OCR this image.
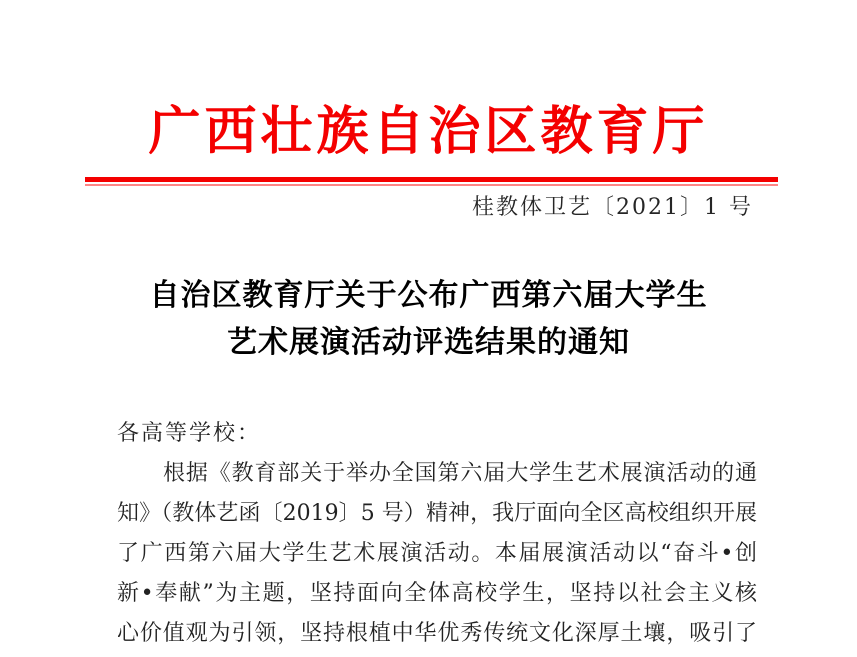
广西壮族自治区教育厅
桂教体卫艺〔2021〕1 号
自治区教育厅关于公布广西第六届大学生
艺术展演活动评选结果的通知
各高等学校：
根据《教育部关于举办全国第六届大学生艺术展演活动的通
知》（教体艺函〔2019〕5 号）精神，我厅面向全区高校组织开展
了广西第六届大学生艺术展演活动。本届展演活动以“奋斗•创
新•奉献”为主题，坚持面向全体高校学生，坚持以社会主义核
心价值观为引领，坚持根植中华优秀传统文化深厚土壤，吸引了
